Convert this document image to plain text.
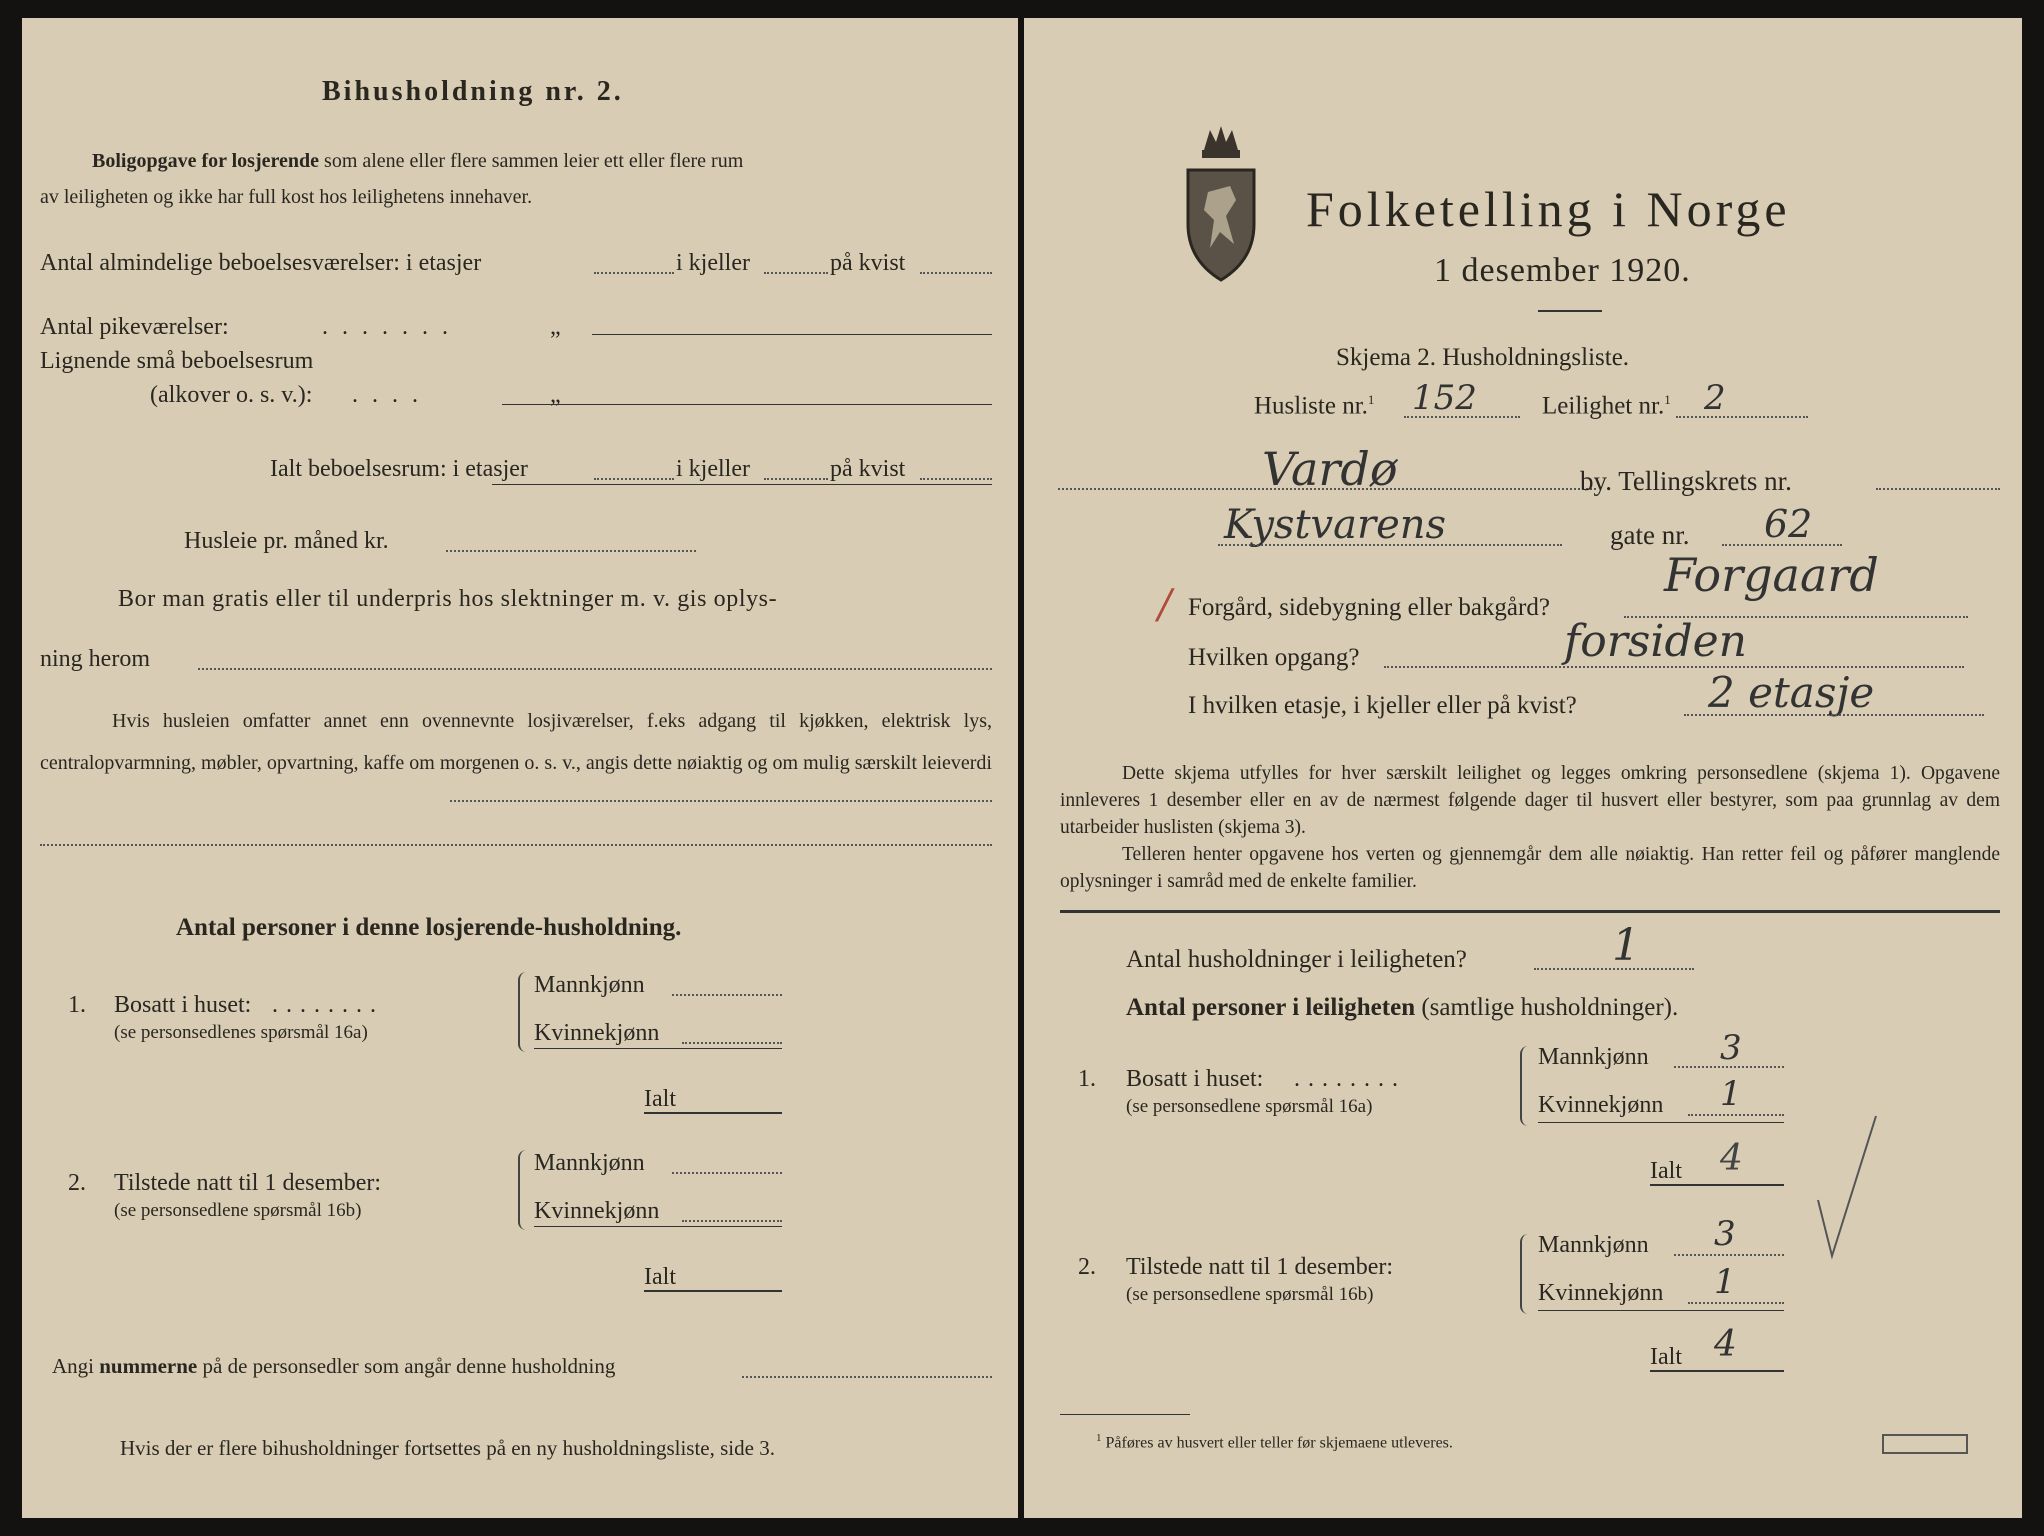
Bihusholdning nr. 2.
Boligopgave for losjerende som alene eller flere sammen leier ett eller flere rum
av leiligheten og ikke har full kost hos leilighetens innehaver.
Antal almindelige beboelsesværelser: i etasjer	i kjeller	på kvist
Antal pikeværelser:	.......	„
Lignende små beboelsesrum
(alkover o. s. v.): ....	„
Ialt beboelsesrum: i etasjer	i kjeller	på kvist
Husleie pr. måned kr.
Bor man gratis eller til underpris hos slektninger m. v. gis oplys-
ning herom
Hvis husleien omfatter annet enn ovennevnte losjiværelser, f.eks adgang til kjøkken, elektrisk lys, centralopvarmning, møbler, opvartning, kaffe om morgenen o. s. v., angis dette nøiaktig og om mulig særskilt leieverdi
Antal personer i denne losjerende-husholdning.
1. Bosatt i huset: ........
(se personsedlenes spørsmål 16a)
Mannkjønn
Kvinnekjønn
Ialt
2. Tilstede natt til 1 desember:
(se personsedlene spørsmål 16b)
Mannkjønn
Kvinnekjønn
Ialt
Angi nummerne på de personsedler som angår denne husholdning
Hvis der er flere bihusholdninger fortsettes på en ny husholdningsliste, side 3.
Folketelling i Norge
1 desember 1920.
Skjema 2. Husholdningsliste.
Husliste nr.$^1$ 152	Leilighet nr.$^1$ 2
Vardø	by. Tellingskrets nr.
Kystvarens	gate nr. 62
/ Forgård, sidebygning eller bakgård?
Forgaard
Hvilken opgang?	forsiden
I hvilken etasje, i kjeller eller på kvist?	2 etasje
Dette skjema utfylles for hver særskilt leilighet og legges omkring personsedlene (skjema 1). Opgavene innleveres 1 desember eller en av de nærmest følgende dager til husvert eller bestyrer, som paa grunnlag av dem utarbeider huslisten (skjema 3).
Telleren henter opgavene hos verten og gjennemgår dem alle nøiaktig. Han retter feil og påfører manglende oplysninger i samråd med de enkelte familier.
Antal husholdninger i leiligheten?	1
Antal personer i leiligheten (samtlige husholdninger).
1. Bosatt i huset: ........
(se personsedlene spørsmål 16a)
Mannkjønn 3
Kvinnekjønn 1
Ialt 4
2. Tilstede natt til 1 desember:
(se personsedlene spørsmål 16b)
Mannkjønn 3
Kvinnekjønn 1
Ialt 4
$^1$ Påføres av husvert eller teller før skjemaene utleveres.
